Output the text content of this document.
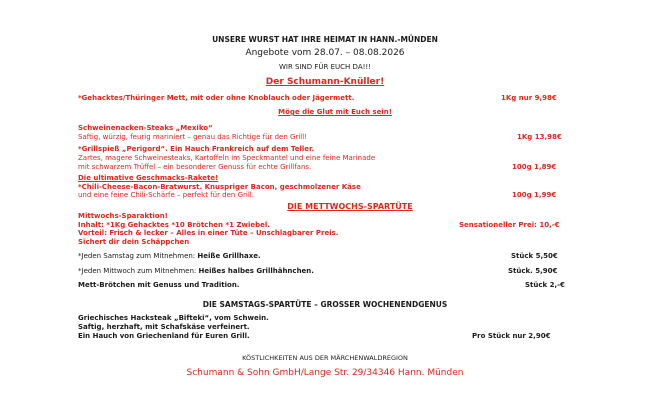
UNSERE WURST HAT IHRE HEIMAT IN HANN.-MÜNDEN
Angebote vom 28.07. – 08.08.2026
WIR SIND FÜR EUCH DA!!!
Der Schumann-Knüller!
*Gehacktes/Thüringer Mett, mit oder ohne Knoblauch oder Jägermett.	1Kg nur 9,98€
Möge die Glut mit Euch sein!
Schweinenacken-Steaks „Mexiko“
Saftig, würzig, feurig mariniert – genau das Richtige für den Grill!	1Kg 13,98€
*Grillspieß „Perigord“. Ein Hauch Frankreich auf dem Teller.
Zartes, magere Schweinesteaks, Kartoffeln im Speckmantel und eine feine Marinade
mit schwarzem Trüffel – ein besonderer Genuss für echte Grillfans.	100g 1,89€
Die ultimative Geschmacks-Rakete!
*Chili-Cheese-Bacon-Bratwurst. Knuspriger Bacon, geschmolzener Käse
und eine feine Chili-Schärfe – perfekt für den Grill.	100g 1,99€
DIE METTWOCHS-SPARTÜTE
Mittwochs-Sparaktion!
Inhalt: *1Kg Gehacktes *10 Brötchen *1 Zwiebel.	Sensationeller Prei: 10,-€
Vorteil: Frisch & lecker – Alles in einer Tüte – Unschlagbarer Preis.
Sichert dir dein Schäppchen
*Jeden Samstag zum Mitnehmen: Heiße Grillhaxe.	Stück 5,50€
*Jeden Mittwoch zum Mitnehmen: Heißes halbes Grillhähnchen.	Stück. 5,90€
Mett-Brötchen mit Genuss und Tradition.	Stück 2,-€
DIE SAMSTAGS-SPARTÜTE – GROSSER WOCHENENDGENUS
Griechisches Hacksteak „Bifteki“, vom Schwein.
Saftig, herzhaft, mit Schafskäse verfeinert.
Ein Hauch von Griechenland für Euren Grill.	Pro Stück nur 2,90€
KÖSTLICHKEITEN AUS DER MÄRCHENWALDREGION
Schumann & Sohn GmbH/Lange Str. 29/34346 Hann. Münden
